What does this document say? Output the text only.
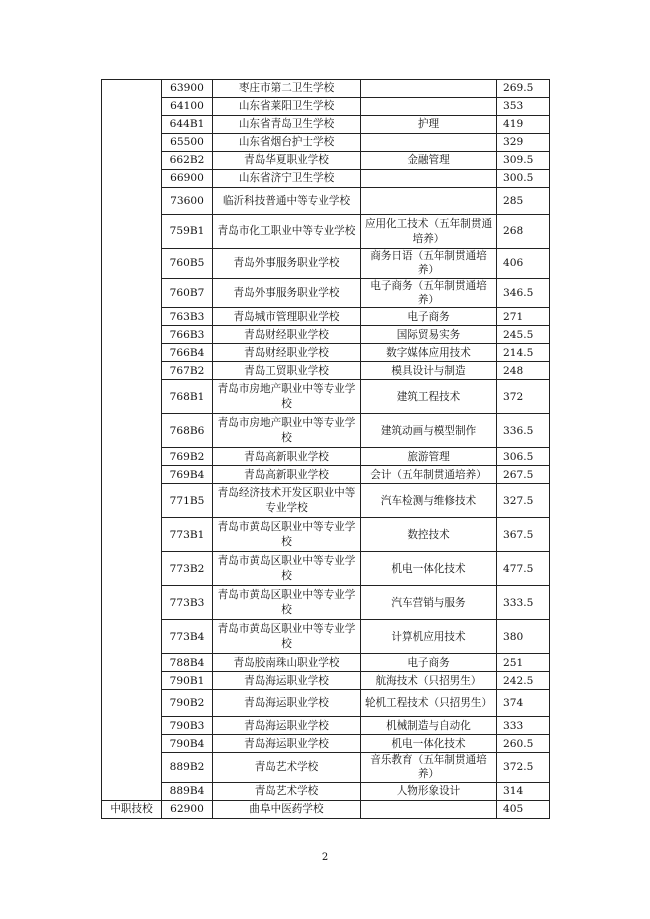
	63900	枣庄市第二卫生学校		269.5
	64100	山东省莱阳卫生学校		353
	644B1	山东省青岛卫生学校	护理	419
	65500	山东省烟台护士学校		329
	662B2	青岛华夏职业学校	金融管理	309.5
	66900	山东省济宁卫生学校		300.5
	73600	临沂科技普通中等专业学校		285
	759B1	青岛市化工职业中等专业学校	应用化工技术（五年制贯通培养）	268
	760B5	青岛外事服务职业学校	商务日语（五年制贯通培养）	406
	760B7	青岛外事服务职业学校	电子商务（五年制贯通培养）	346.5
	763B3	青岛城市管理职业学校	电子商务	271
	766B3	青岛财经职业学校	国际贸易实务	245.5
	766B4	青岛财经职业学校	数字媒体应用技术	214.5
	767B2	青岛工贸职业学校	模具设计与制造	248
	768B1	青岛市房地产职业中等专业学校	建筑工程技术	372
	768B6	青岛市房地产职业中等专业学校	建筑动画与模型制作	336.5
	769B2	青岛高新职业学校	旅游管理	306.5
	769B4	青岛高新职业学校	会计（五年制贯通培养）	267.5
	771B5	青岛经济技术开发区职业中等专业学校	汽车检测与维修技术	327.5
	773B1	青岛市黄岛区职业中等专业学校	数控技术	367.5
	773B2	青岛市黄岛区职业中等专业学校	机电一体化技术	477.5
	773B3	青岛市黄岛区职业中等专业学校	汽车营销与服务	333.5
	773B4	青岛市黄岛区职业中等专业学校	计算机应用技术	380
	788B4	青岛胶南珠山职业学校	电子商务	251
	790B1	青岛海运职业学校	航海技术（只招男生）	242.5
	790B2	青岛海运职业学校	轮机工程技术（只招男生）	374
	790B3	青岛海运职业学校	机械制造与自动化	333
	790B4	青岛海运职业学校	机电一体化技术	260.5
	889B2	青岛艺术学校	音乐教育（五年制贯通培养）	372.5
	889B4	青岛艺术学校	人物形象设计	314
中职技校	62900	曲阜中医药学校		405
2
